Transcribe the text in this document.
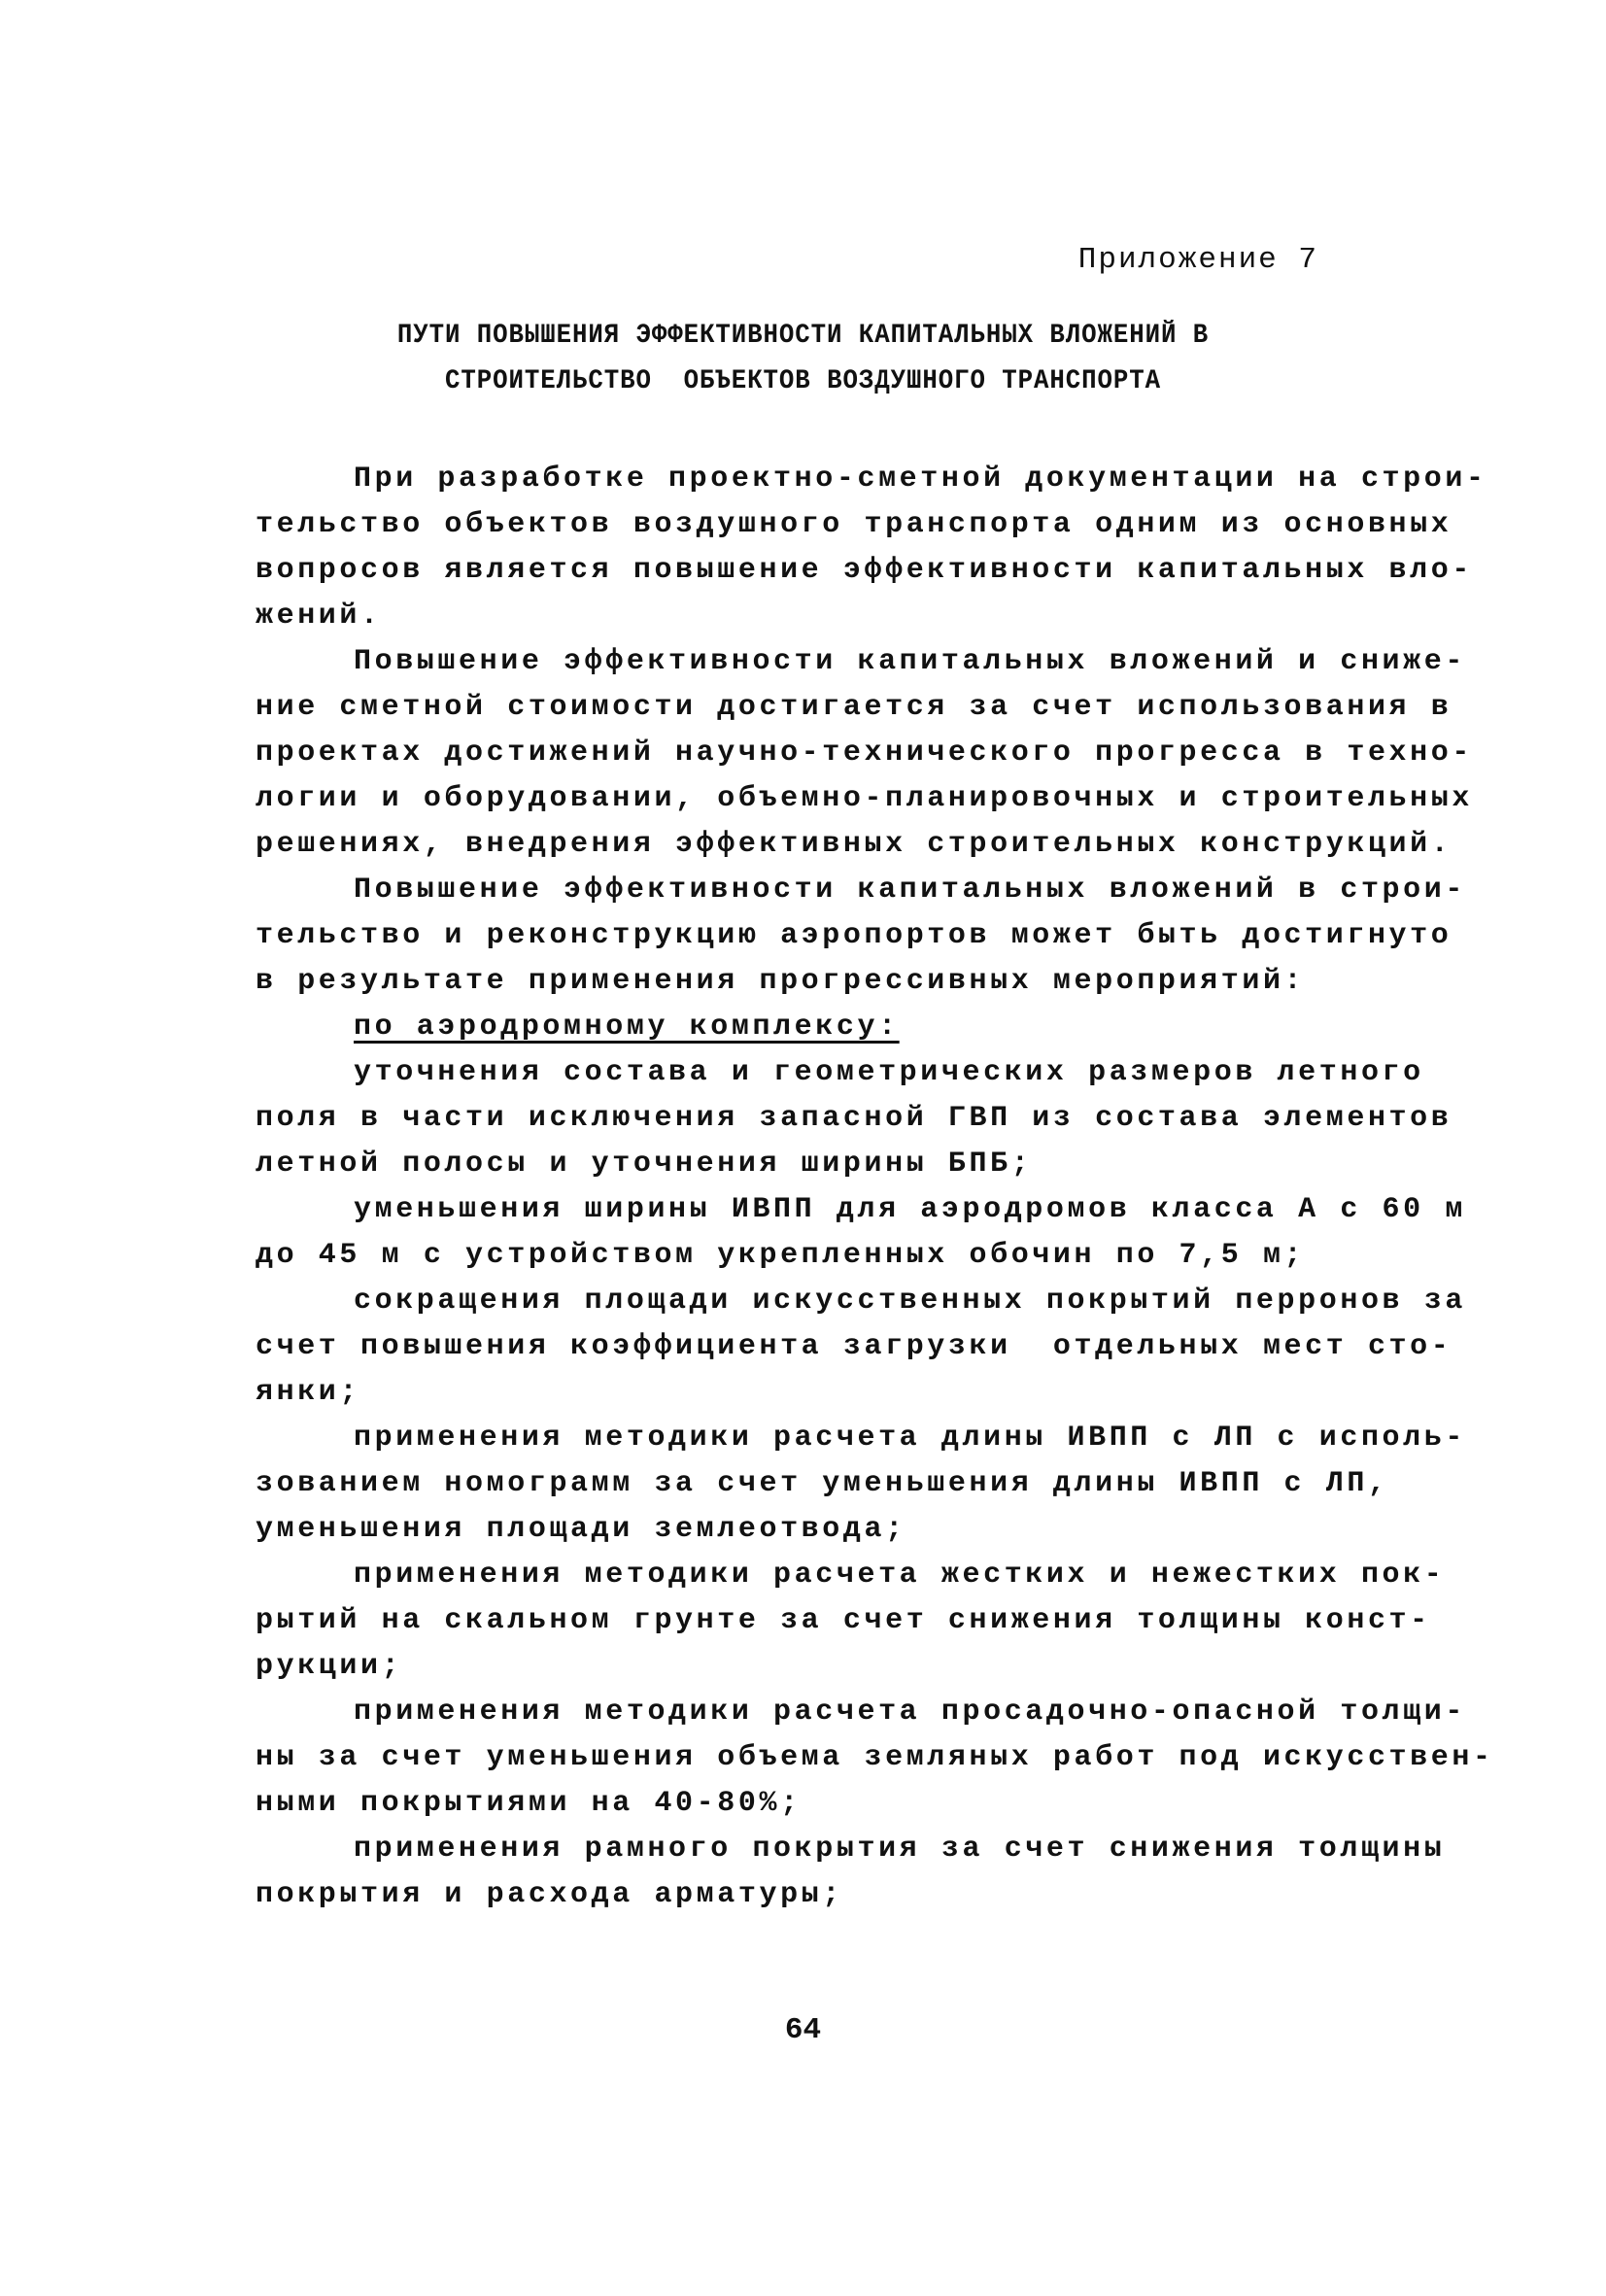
Приложение 7
ПУТИ ПОВЫШЕНИЯ ЭФФЕКТИВНОСТИ КАПИТАЛЬНЫХ ВЛОЖЕНИЙ В
СТРОИТЕЛЬСТВО  ОБЪЕКТОВ ВОЗДУШНОГО ТРАНСПОРТА
При разработке проектно-сметной документации на строи-
тельство объектов воздушного транспорта одним из основных
вопросов является повышение эффективности капитальных вло-
жений.
Повышение эффективности капитальных вложений и сниже-
ние сметной стоимости достигается за счет использования в
проектах достижений научно-технического прогресса в техно-
логии и оборудовании, объемно-планировочных и строительных
решениях, внедрения эффективных строительных конструкций.
Повышение эффективности капитальных вложений в строи-
тельство и реконструкцию аэропортов может быть достигнуто
в результате применения прогрессивных мероприятий:
по аэродромному комплексу:
уточнения состава и геометрических размеров летного
поля в части исключения запасной ГВП из состава элементов
летной полосы и уточнения ширины БПБ;
уменьшения ширины ИВПП для аэродромов класса А с 60 м
до 45 м с устройством укрепленных обочин по 7,5 м;
сокращения площади искусственных покрытий перронов за
счет повышения коэффициента загрузки  отдельных мест сто-
янки;
применения методики расчета длины ИВПП с ЛП с исполь-
зованием номограмм за счет уменьшения длины ИВПП с ЛП,
уменьшения площади землеотвода;
применения методики расчета жестких и нежестких пок-
рытий на скальном грунте за счет снижения толщины конст-
рукции;
применения методики расчета просадочно-опасной толщи-
ны за счет уменьшения объема земляных работ под искусствен-
ными покрытиями на 40-80%;
применения рамного покрытия за счет снижения толщины
покрытия и расхода арматуры;
64
